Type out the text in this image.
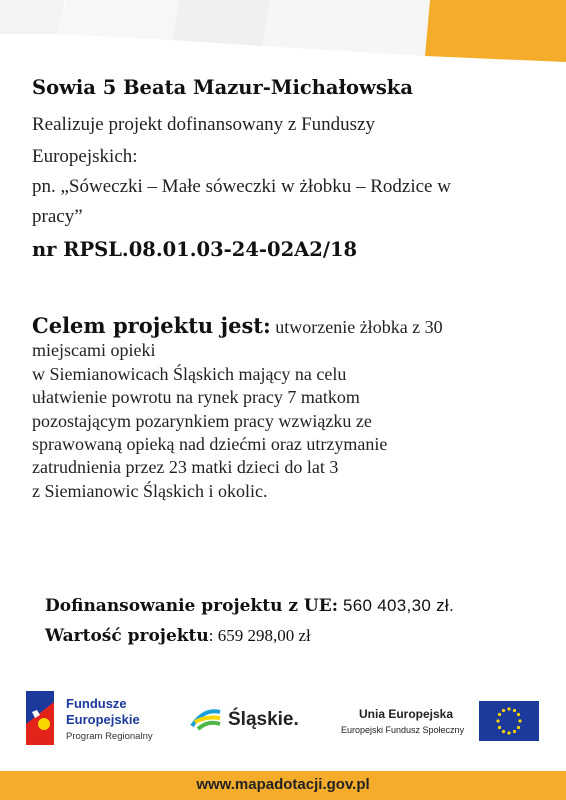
Sowia 5 Beata Mazur-Michałowska
Realizuje projekt dofinansowany z Funduszy
Europejskich:
pn. „Sóweczki – Małe sóweczki w żłobku – Rodzice w
pracy”
nr RPSL.08.01.03-24-02A2/18
Celem projektu jest: utworzenie żłobka z 30
miejscami opieki
w Siemianowicach Śląskich mający na celu
ułatwienie powrotu na rynek pracy 7 matkom
pozostającym pozarynkiem pracy wzwiązku ze
sprawowaną opieką nad dziećmi oraz utrzymanie
zatrudnienia przez 23 matki dzieci do lat 3
z Siemianowic Śląskich i okolic.
Dofinansowanie projektu z UE: 560 403,30 zł.
Wartość projektu: 659 298,00 zł
Fundusze
Europejskie
Program Regionalny
Śląskie.	Unia Europejska
Europejski Fundusz Społeczny
www.mapadotacji.gov.pl
